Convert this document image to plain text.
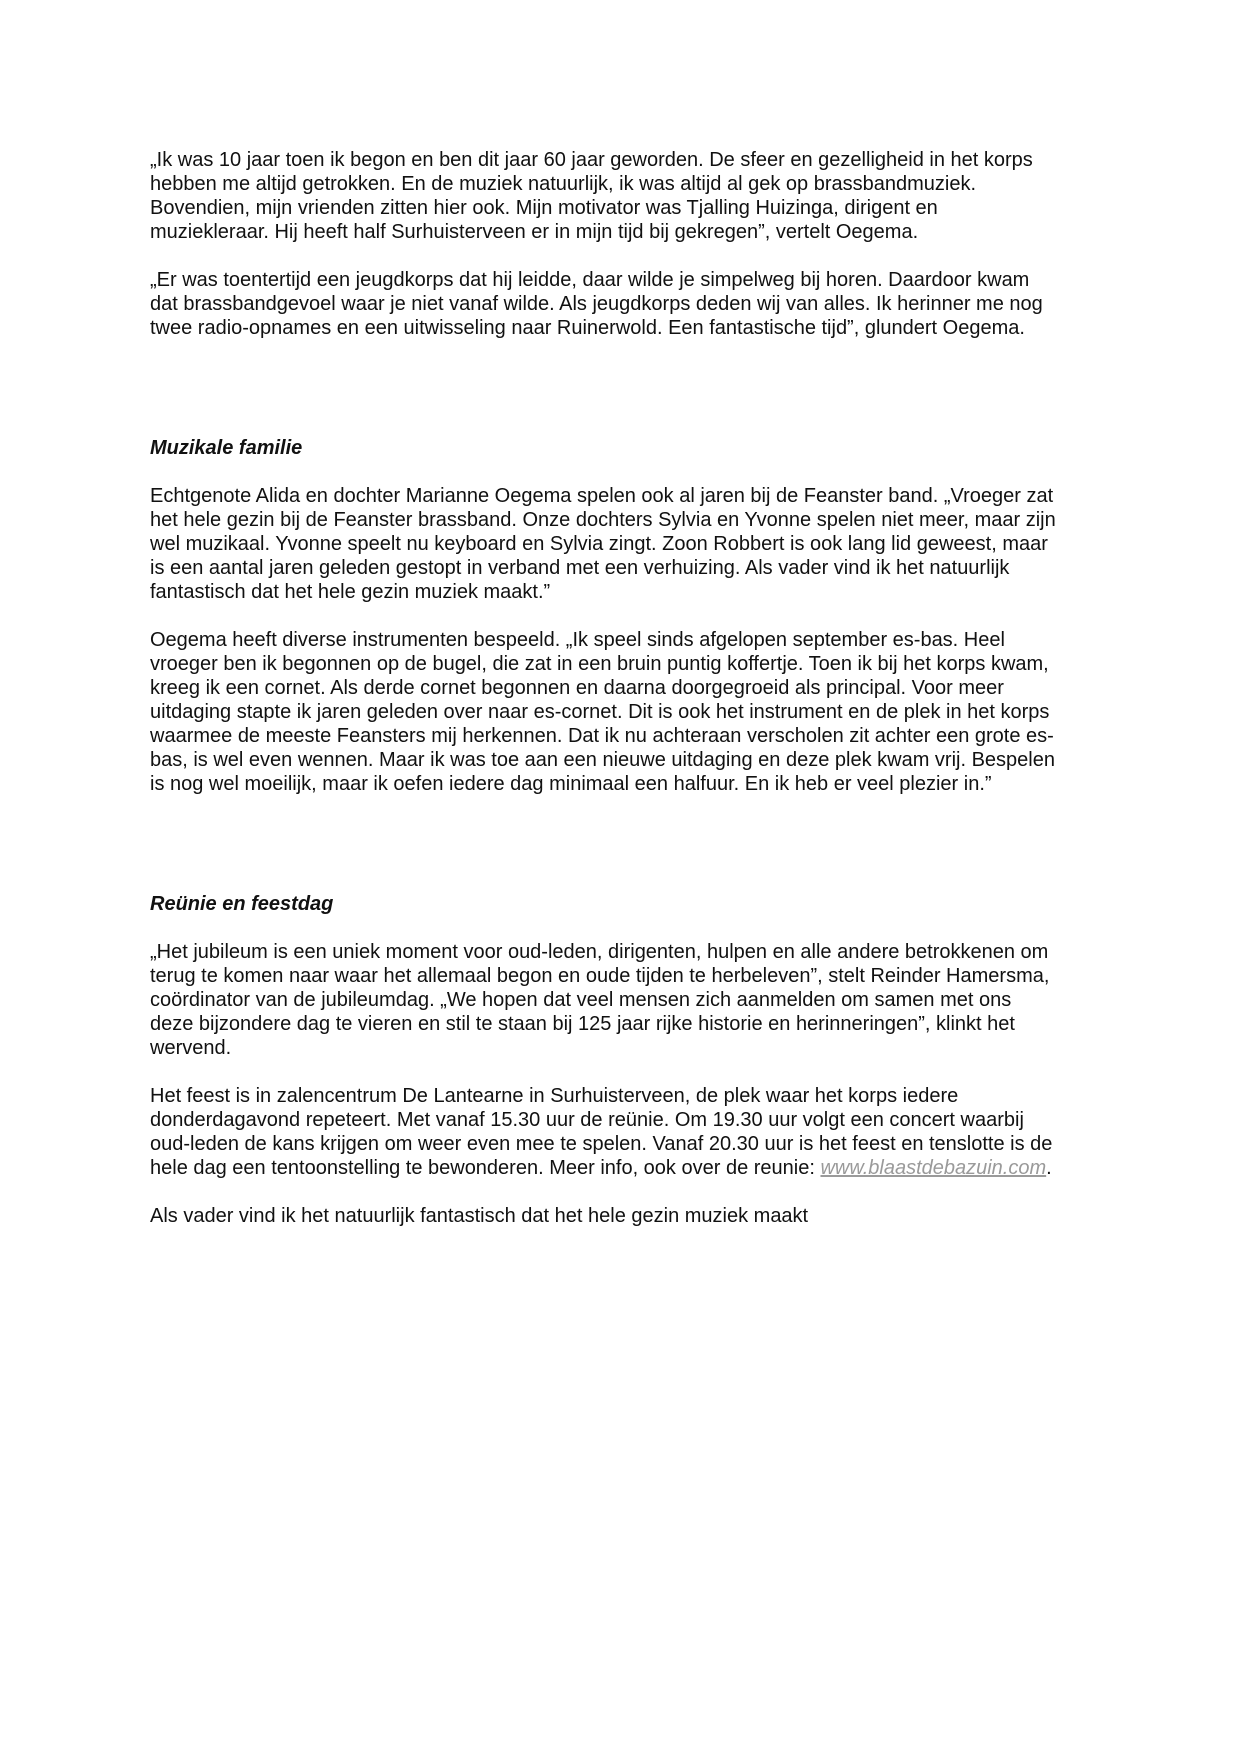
„Ik was 10 jaar toen ik begon en ben dit jaar 60 jaar geworden. De sfeer en gezelligheid in het korps
hebben me altijd getrokken. En de muziek natuurlijk, ik was altijd al gek op brassbandmuziek.
Bovendien, mijn vrienden zitten hier ook. Mijn motivator was Tjalling Huizinga, dirigent en
muziekleraar. Hij heeft half Surhuisterveen er in mijn tijd bij gekregen”, vertelt Oegema.

„Er was toentertijd een jeugdkorps dat hij leidde, daar wilde je simpelweg bij horen. Daardoor kwam
dat brassbandgevoel waar je niet vanaf wilde. Als jeugdkorps deden wij van alles. Ik herinner me nog
twee radio-opnames en een uitwisseling naar Ruinerwold. Een fantastische tijd”, glundert Oegema.

Muzikale familie

Echtgenote Alida en dochter Marianne Oegema spelen ook al jaren bij de Feanster band. „Vroeger zat
het hele gezin bij de Feanster brassband. Onze dochters Sylvia en Yvonne spelen niet meer, maar zijn
wel muzikaal. Yvonne speelt nu keyboard en Sylvia zingt. Zoon Robbert is ook lang lid geweest, maar
is een aantal jaren geleden gestopt in verband met een verhuizing. Als vader vind ik het natuurlijk
fantastisch dat het hele gezin muziek maakt.”

Oegema heeft diverse instrumenten bespeeld. „Ik speel sinds afgelopen september es-bas. Heel
vroeger ben ik begonnen op de bugel, die zat in een bruin puntig koffertje. Toen ik bij het korps kwam,
kreeg ik een cornet. Als derde cornet begonnen en daarna doorgegroeid als principal. Voor meer
uitdaging stapte ik jaren geleden over naar es-cornet. Dit is ook het instrument en de plek in het korps
waarmee de meeste Feansters mij herkennen. Dat ik nu achteraan verscholen zit achter een grote es-
bas, is wel even wennen. Maar ik was toe aan een nieuwe uitdaging en deze plek kwam vrij. Bespelen
is nog wel moeilijk, maar ik oefen iedere dag minimaal een halfuur. En ik heb er veel plezier in.”

Reünie en feestdag

„Het jubileum is een uniek moment voor oud-leden, dirigenten, hulpen en alle andere betrokkenen om
terug te komen naar waar het allemaal begon en oude tijden te herbeleven”, stelt Reinder Hamersma,
coördinator van de jubileumdag. „We hopen dat veel mensen zich aanmelden om samen met ons
deze bijzondere dag te vieren en stil te staan bij 125 jaar rijke historie en herinneringen”, klinkt het
wervend.

Het feest is in zalencentrum De Lantearne in Surhuisterveen, de plek waar het korps iedere
donderdagavond repeteert. Met vanaf 15.30 uur de reünie. Om 19.30 uur volgt een concert waarbij
oud-leden de kans krijgen om weer even mee te spelen. Vanaf 20.30 uur is het feest en tenslotte is de
hele dag een tentoonstelling te bewonderen. Meer info, ook over de reunie: www.blaastdebazuin.com.

Als vader vind ik het natuurlijk fantastisch dat het hele gezin muziek maakt
